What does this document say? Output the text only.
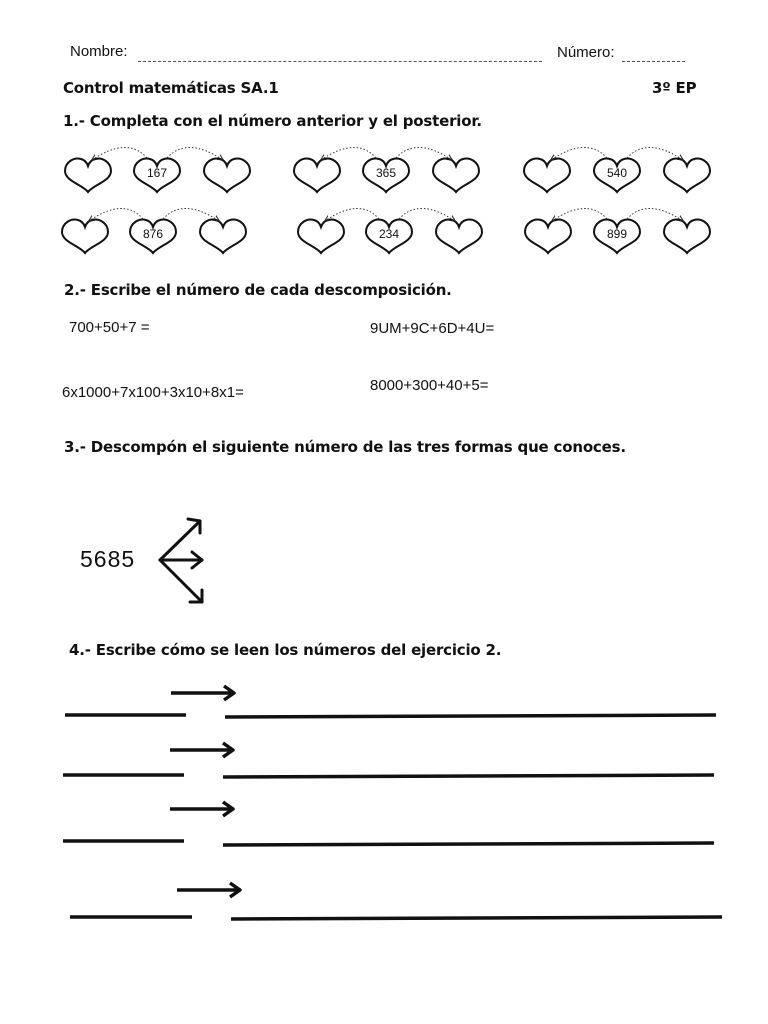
Nombre:	Número:
Control matemáticas SA.1	3º EP
1.- Completa con el número anterior y el posterior.
167	365	540
876	234	899
2.- Escribe el número de cada descomposición.
700+50+7 =	9UM+9C+6D+4U=
6x1000+7x100+3x10+8x1=	8000+300+40+5=
3.- Descompón el siguiente número de las tres formas que conoces.
5685
4.- Escribe cómo se leen los números del ejercicio 2.
